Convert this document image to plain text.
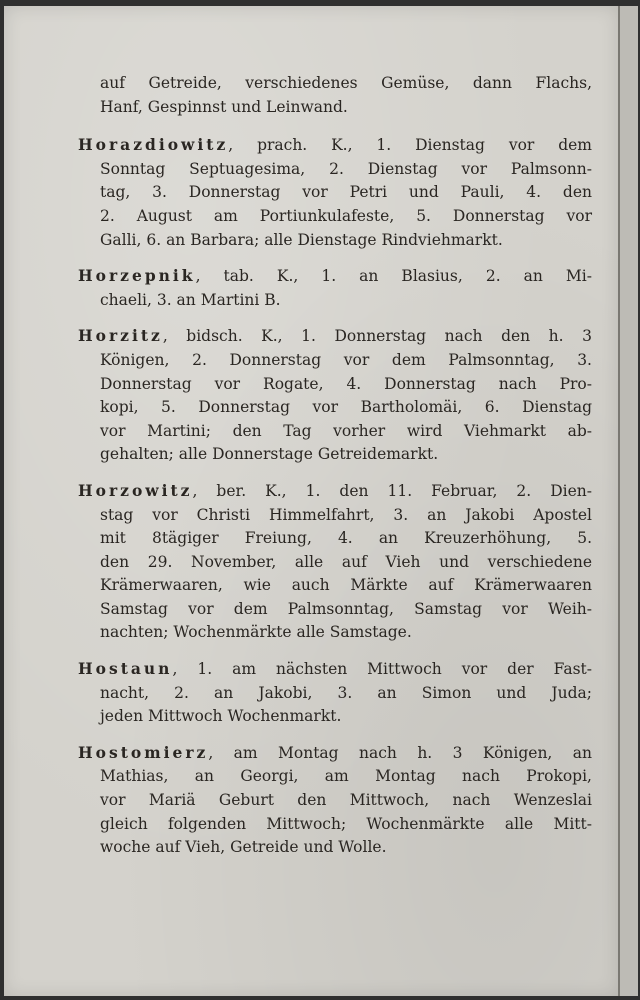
auf Getreide, verschiedenes Gemüse, dann Flachs,
Hanf, Gespinnst und Leinwand.
Horazdiowitz, prach. K., 1. Dienstag vor dem
Sonntag Septuagesima, 2. Dienstag vor Palmsonn-
tag, 3. Donnerstag vor Petri und Pauli, 4. den
2. August am Portiunkulafeste, 5. Donnerstag vor
Galli, 6. an Barbara; alle Dienstage Rindviehmarkt.
Horzepnik, tab. K., 1. an Blasius, 2. an Mi-
chaeli, 3. an Martini B.
Horzitz, bidsch. K., 1. Donnerstag nach den h. 3
Königen, 2. Donnerstag vor dem Palmsonntag, 3.
Donnerstag vor Rogate, 4. Donnerstag nach Pro-
kopi, 5. Donnerstag vor Bartholomäi, 6. Dienstag
vor Martini; den Tag vorher wird Viehmarkt ab-
gehalten; alle Donnerstage Getreidemarkt.
Horzowitz, ber. K., 1. den 11. Februar, 2. Dien-
stag vor Christi Himmelfahrt, 3. an Jakobi Apostel
mit 8tägiger Freiung, 4. an Kreuzerhöhung, 5.
den 29. November, alle auf Vieh und verschiedene
Krämerwaaren, wie auch Märkte auf Krämerwaaren
Samstag vor dem Palmsonntag, Samstag vor Weih-
nachten; Wochenmärkte alle Samstage.
Hostaun, 1. am nächsten Mittwoch vor der Fast-
nacht, 2. an Jakobi, 3. an Simon und Juda;
jeden Mittwoch Wochenmarkt.
Hostomierz, am Montag nach h. 3 Königen, an
Mathias, an Georgi, am Montag nach Prokopi,
vor Mariä Geburt den Mittwoch, nach Wenzeslai
gleich folgenden Mittwoch; Wochenmärkte alle Mitt-
woche auf Vieh, Getreide und Wolle.
